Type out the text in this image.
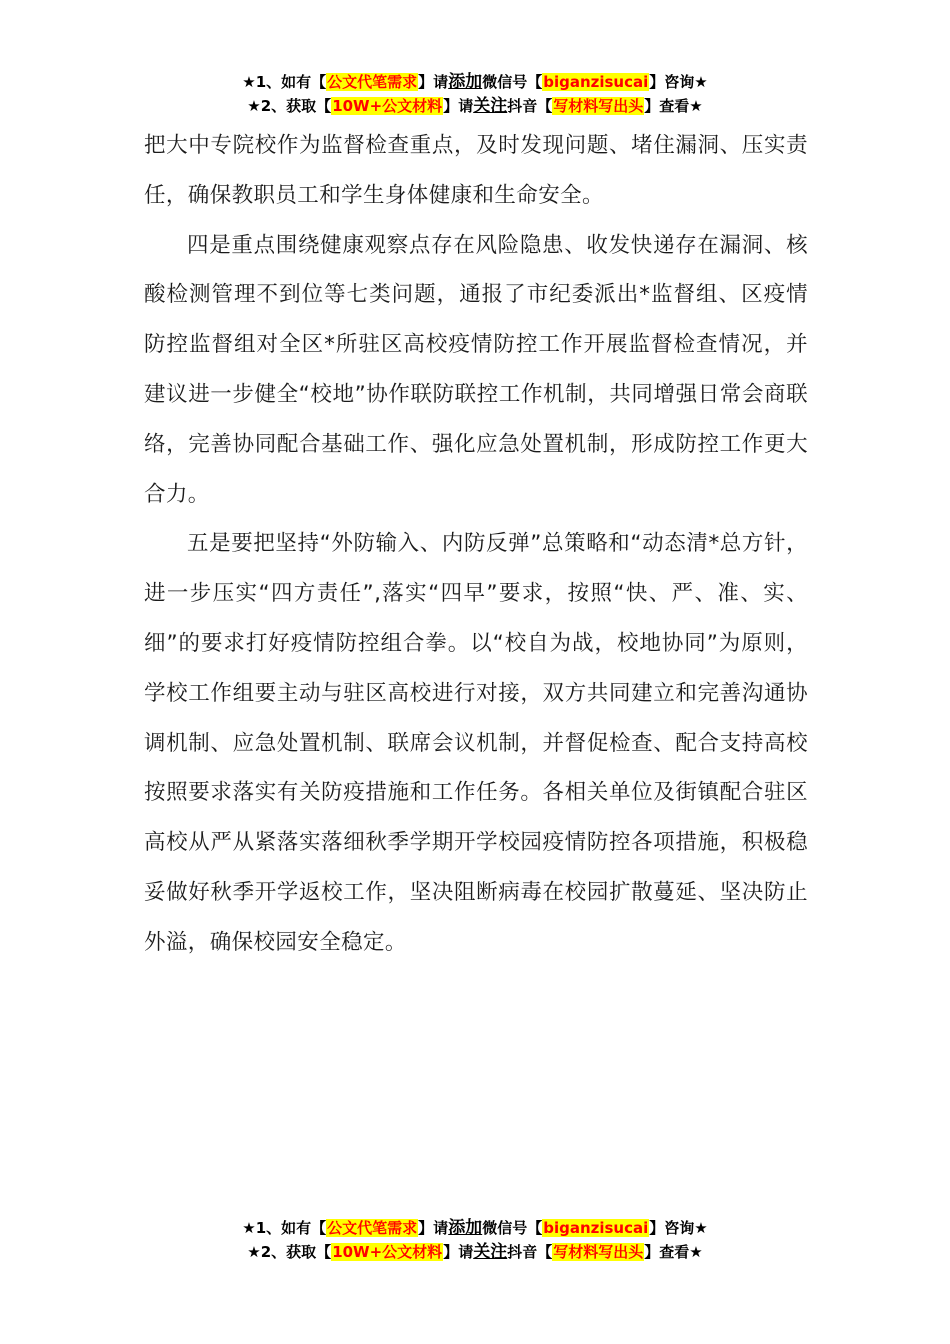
★1、如有【公文代笔需求】请添加微信号【biganzisucai】咨询★
★2、获取【10W+公文材料】请关注抖音【写材料写出头】查看★

把大中专院校作为监督检查重点，及时发现问题、堵住漏洞、压实责任，确保教职员工和学生身体健康和生命安全。

四是重点围绕健康观察点存在风险隐患、收发快递存在漏洞、核酸检测管理不到位等七类问题，通报了市纪委派出*监督组、区疫情防控监督组对全区*所驻区高校疫情防控工作开展监督检查情况，并建议进一步健全“校地”协作联防联控工作机制，共同增强日常会商联络，完善协同配合基础工作、强化应急处置机制，形成防控工作更大合力。

五是要把坚持“外防输入、内防反弹”总策略和“动态清*总方针，进一步压实“四方责任”,落实“四早”要求，按照“快、严、准、实、细”的要求打好疫情防控组合拳。以“校自为战，校地协同”为原则，学校工作组要主动与驻区高校进行对接，双方共同建立和完善沟通协调机制、应急处置机制、联席会议机制，并督促检查、配合支持高校按照要求落实有关防疫措施和工作任务。各相关单位及街镇配合驻区高校从严从紧落实落细秋季学期开学校园疫情防控各项措施，积极稳妥做好秋季开学返校工作，坚决阻断病毒在校园扩散蔓延、坚决防止外溢，确保校园安全稳定。

★1、如有【公文代笔需求】请添加微信号【biganzisucai】咨询★
★2、获取【10W+公文材料】请关注抖音【写材料写出头】查看★
